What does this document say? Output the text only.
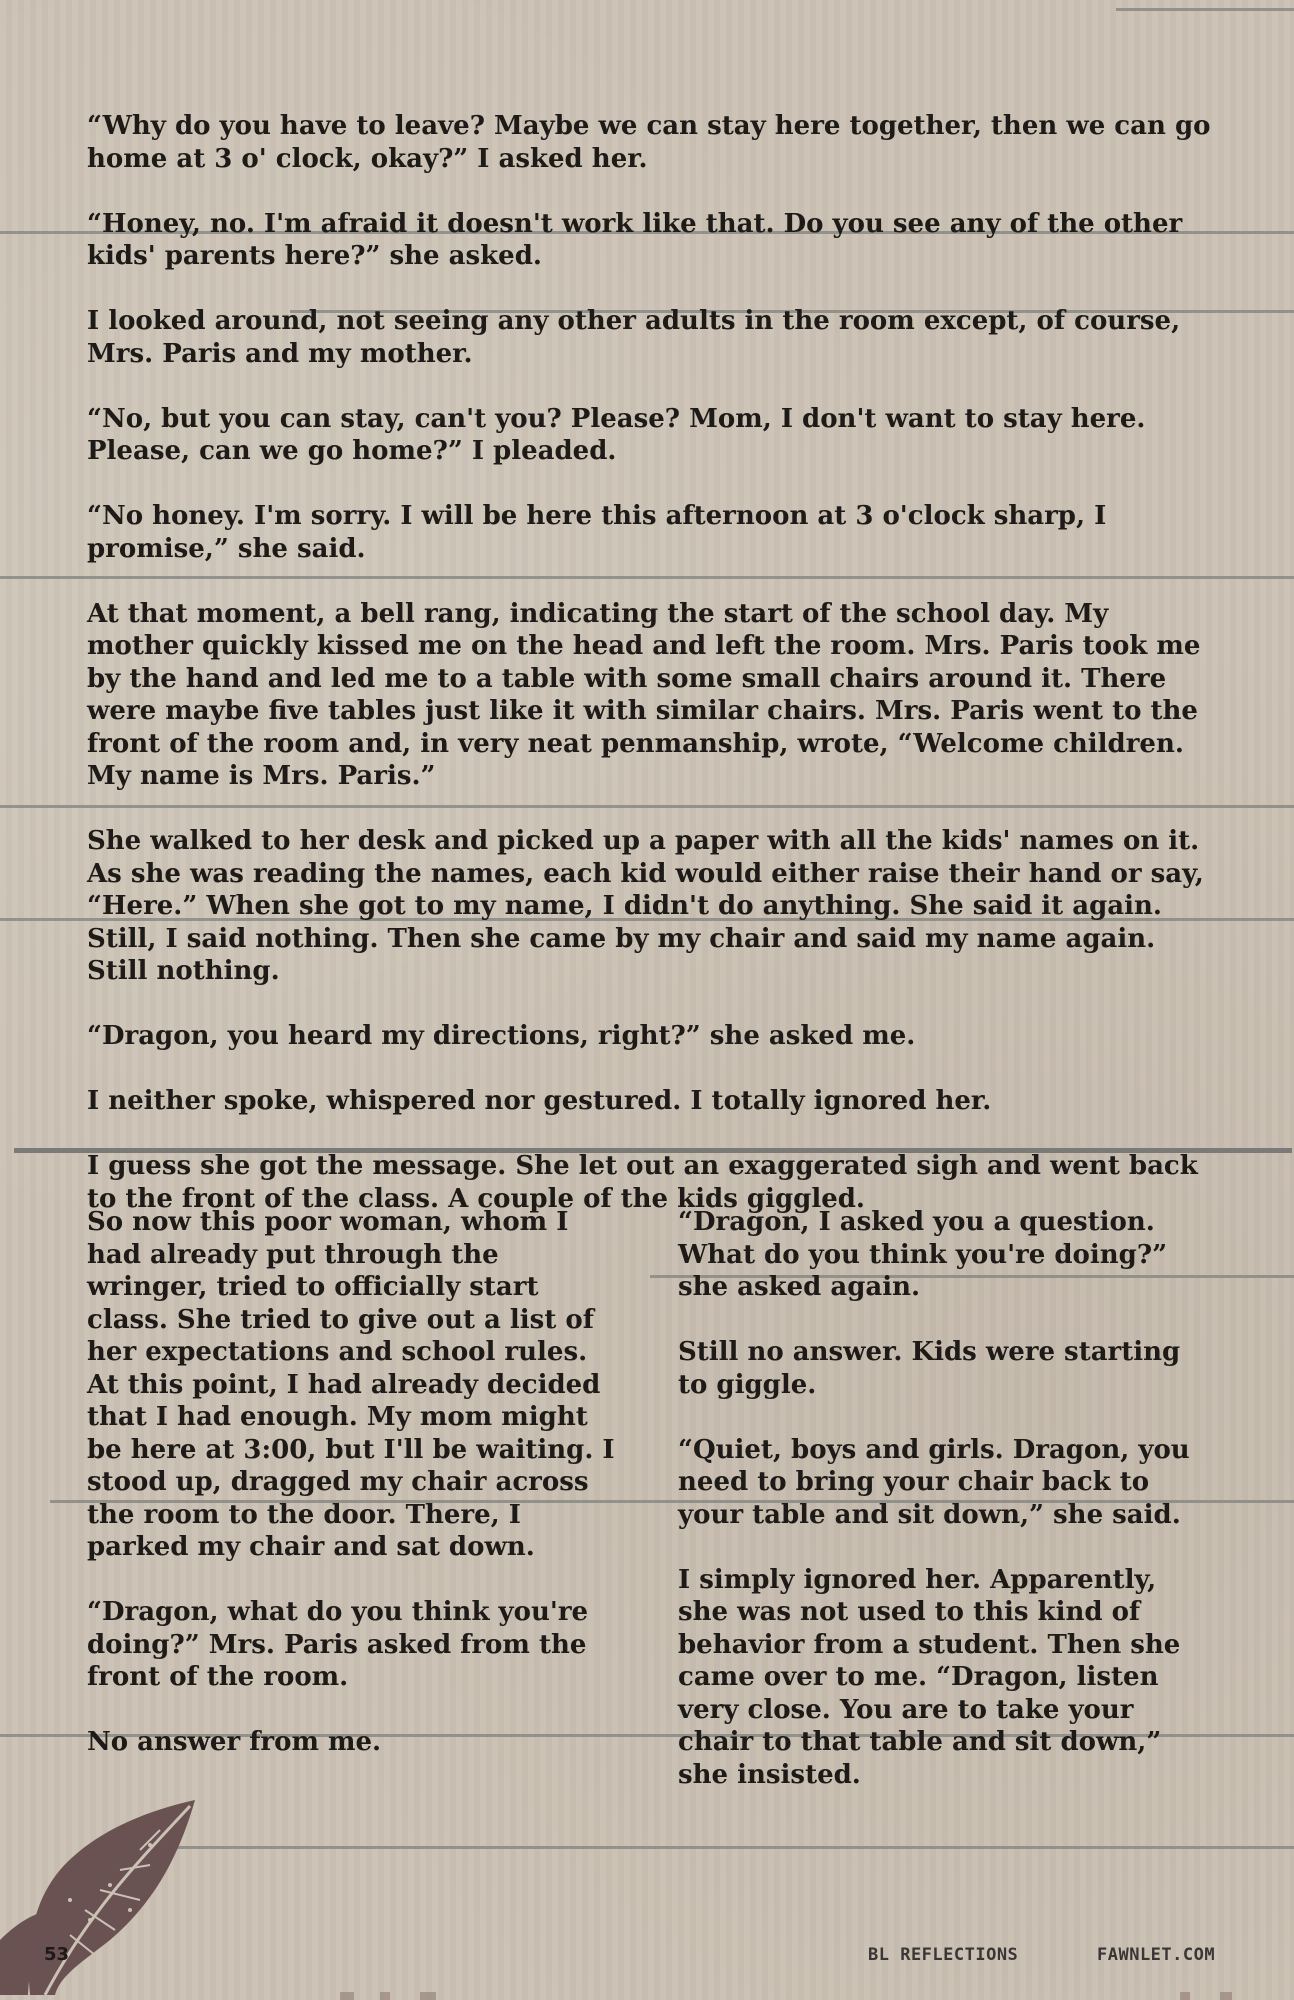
“Why do you have to leave? Maybe we can stay here together, then we can go home at 3 o' clock, okay?” I asked her.

“Honey, no. I'm afraid it doesn't work like that. Do you see any of the other kids' parents here?” she asked.

I looked around, not seeing any other adults in the room except, of course, Mrs. Paris and my mother.

“No, but you can stay, can't you? Please? Mom, I don't want to stay here. Please, can we go home?” I pleaded.

“No honey. I'm sorry. I will be here this afternoon at 3 o'clock sharp, I promise,” she said.

At that moment, a bell rang, indicating the start of the school day. My mother quickly kissed me on the head and left the room. Mrs. Paris took me by the hand and led me to a table with some small chairs around it. There were maybe five tables just like it with similar chairs. Mrs. Paris went to the front of the room and, in very neat penmanship, wrote, “Welcome children. My name is Mrs. Paris.”

She walked to her desk and picked up a paper with all the kids' names on it. As she was reading the names, each kid would either raise their hand or say, “Here.” When she got to my name, I didn't do anything. She said it again. Still, I said nothing. Then she came by my chair and said my name again. Still nothing.

“Dragon, you heard my directions, right?” she asked me.

I neither spoke, whispered nor gestured. I totally ignored her.

I guess she got the message. She let out an exaggerated sigh and went back to the front of the class. A couple of the kids giggled.

So now this poor woman, whom I had already put through the wringer, tried to officially start class. She tried to give out a list of her expectations and school rules. At this point, I had already decided that I had enough. My mom might be here at 3:00, but I'll be waiting. I stood up, dragged my chair across the room to the door. There, I parked my chair and sat down.

“Dragon, what do you think you're doing?” Mrs. Paris asked from the front of the room.

No answer from me.

“Dragon, I asked you a question. What do you think you're doing?” she asked again.

Still no answer. Kids were starting to giggle.

“Quiet, boys and girls. Dragon, you need to bring your chair back to your table and sit down,” she said.

I simply ignored her. Apparently, she was not used to this kind of behavior from a student. Then she came over to me. “Dragon, listen very close. You are to take your chair to that table and sit down,” she insisted.

53	BL REFLECTIONS	FAWNLET.COM
